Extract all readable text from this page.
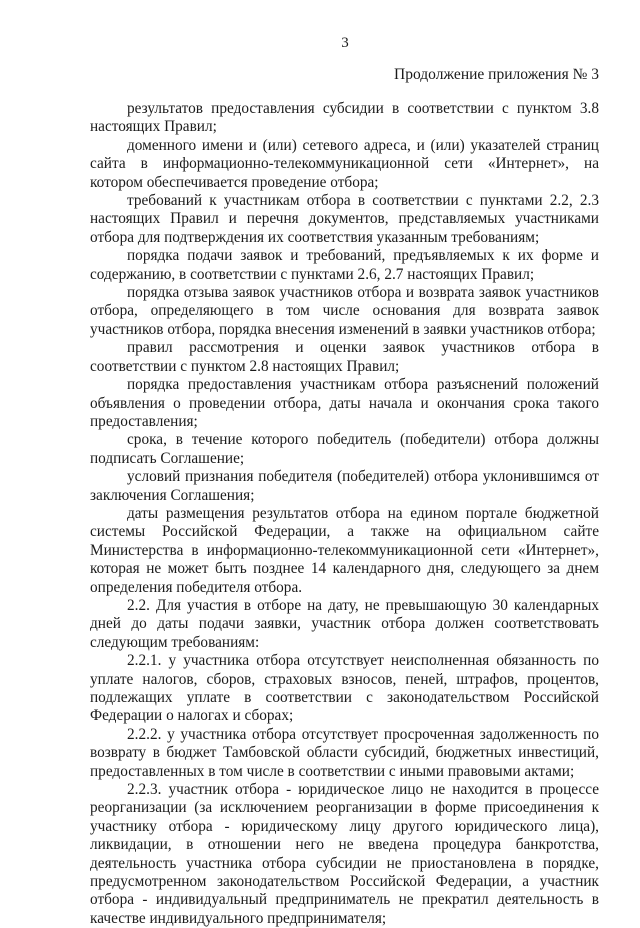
3
Продолжение приложения № 3

результатов предоставления субсидии в соответствии с пунктом 3.8 настоящих Правил;

доменного имени и (или) сетевого адреса, и (или) указателей страниц сайта в информационно-телекоммуникационной сети «Интернет», на котором обеспечивается проведение отбора;

требований к участникам отбора в соответствии с пунктами 2.2, 2.3 настоящих Правил и перечня документов, представляемых участниками отбора для подтверждения их соответствия указанным требованиям;

порядка подачи заявок и требований, предъявляемых к их форме и содержанию, в соответствии с пунктами 2.6, 2.7 настоящих Правил;

порядка отзыва заявок участников отбора и возврата заявок участников отбора, определяющего в том числе основания для возврата заявок участников отбора, порядка внесения изменений в заявки участников отбора;

правил рассмотрения и оценки заявок участников отбора в соответствии с пунктом 2.8 настоящих Правил;

порядка предоставления участникам отбора разъяснений положений объявления о проведении отбора, даты начала и окончания срока такого предоставления;

срока, в течение которого победитель (победители) отбора должны подписать Соглашение;

условий признания победителя (победителей) отбора уклонившимся от заключения Соглашения;

даты размещения результатов отбора на едином портале бюджетной системы Российской Федерации, а также на официальном сайте Министерства в информационно-телекоммуникационной сети «Интернет», которая не может быть позднее 14 календарного дня, следующего за днем определения победителя отбора.

2.2. Для участия в отборе на дату, не превышающую 30 календарных дней до даты подачи заявки, участник отбора должен соответствовать следующим требованиям:

2.2.1. у участника отбора отсутствует неисполненная обязанность по уплате налогов, сборов, страховых взносов, пеней, штрафов, процентов, подлежащих уплате в соответствии с законодательством Российской Федерации о налогах и сборах;

2.2.2. у участника отбора отсутствует просроченная задолженность по возврату в бюджет Тамбовской области субсидий, бюджетных инвестиций, предоставленных в том числе в соответствии с иными правовыми актами;

2.2.3. участник отбора - юридическое лицо не находится в процессе реорганизации (за исключением реорганизации в форме присоединения к участнику отбора - юридическому лицу другого юридического лица), ликвидации, в отношении него не введена процедура банкротства, деятельность участника отбора субсидии не приостановлена в порядке, предусмотренном законодательством Российской Федерации, а участник отбора - индивидуальный предприниматель не прекратил деятельность в качестве индивидуального предпринимателя;
